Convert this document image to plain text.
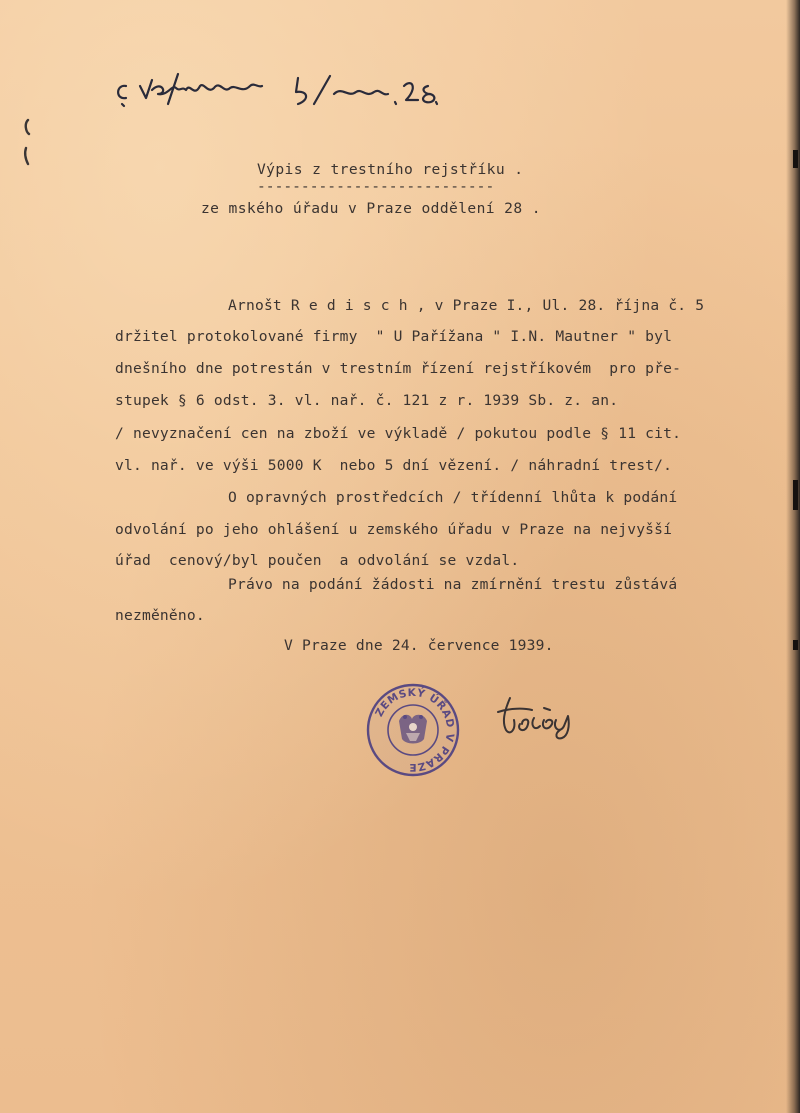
Výpis z trestního rejstříku .
---------------------------
ze mského úřadu v Praze oddělení 28 .
Arnošt R e d i s c h , v Praze I., Ul. 28. října č. 5
držitel protokolované firmy  " U Pařížana " I.N. Mautner " byl
dnešního dne potrestán v trestním řízení rejstříkovém  pro pře-
stupek § 6 odst. 3. vl. nař. č. 121 z r. 1939 Sb. z. an.
/ nevyznačení cen na zboží ve výkladě / pokutou podle § 11 cit.
vl. nař. ve výši 5000 K  nebo 5 dní vězení. / náhradní trest/.
O opravných prostředcích / třídenní lhůta k podání
odvolání po jeho ohlášení u zemského úřadu v Praze na nejvyšší
úřad  cenový/byl poučen  a odvolání se vzdal.
Právo na podání žádosti na zmírnění trestu zůstává
nezměněno.
V Praze dne 24. července 1939.
ZEMSKÝ ÚŘAD V PRAZE
